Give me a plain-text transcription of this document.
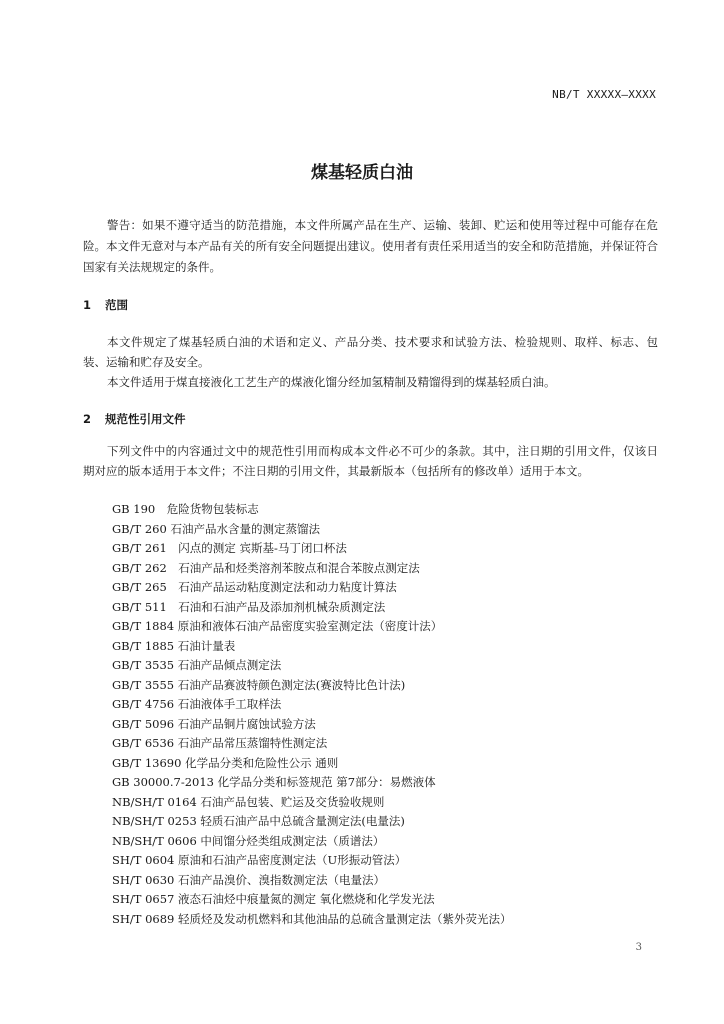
NB/T XXXXX—XXXX
煤基轻质白油
警告：如果不遵守适当的防范措施，本文件所属产品在生产、运输、装卸、贮运和使用等过程中可能存在危险。本文件无意对与本产品有关的所有安全问题提出建议。使用者有责任采用适当的安全和防范措施，并保证符合国家有关法规规定的条件。
1 范围
本文件规定了煤基轻质白油的术语和定义、产品分类、技术要求和试验方法、检验规则、取样、标志、包装、运输和贮存及安全。
本文件适用于煤直接液化工艺生产的煤液化馏分经加氢精制及精馏得到的煤基轻质白油。
2 规范性引用文件
下列文件中的内容通过文中的规范性引用而构成本文件必不可少的条款。其中，注日期的引用文件，仅该日期对应的版本适用于本文件；不注日期的引用文件，其最新版本（包括所有的修改单）适用于本文。
GB 190　危险货物包装标志
GB/T 260 石油产品水含量的测定蒸馏法
GB/T 261　闪点的测定 宾斯基-马丁闭口杯法
GB/T 262　石油产品和烃类溶剂苯胺点和混合苯胺点测定法
GB/T 265　石油产品运动粘度测定法和动力粘度计算法
GB/T 511　石油和石油产品及添加剂机械杂质测定法
GB/T 1884 原油和液体石油产品密度实验室测定法（密度计法）
GB/T 1885 石油计量表
GB/T 3535 石油产品倾点测定法
GB/T 3555 石油产品赛波特颜色测定法(赛波特比色计法)
GB/T 4756 石油液体手工取样法
GB/T 5096 石油产品铜片腐蚀试验方法
GB/T 6536 石油产品常压蒸馏特性测定法
GB/T 13690 化学品分类和危险性公示 通则
GB 30000.7-2013 化学品分类和标签规范 第7部分：易燃液体
NB/SH/T 0164 石油产品包装、贮运及交货验收规则
NB/SH/T 0253 轻质石油产品中总硫含量测定法(电量法)
NB/SH/T 0606 中间馏分烃类组成测定法（质谱法）
SH/T 0604 原油和石油产品密度测定法（U形振动管法）
SH/T 0630 石油产品溴价、溴指数测定法（电量法）
SH/T 0657 液态石油烃中痕量氮的测定 氧化燃烧和化学发光法
SH/T 0689 轻质烃及发动机燃料和其他油品的总硫含量测定法（紫外荧光法）
3
